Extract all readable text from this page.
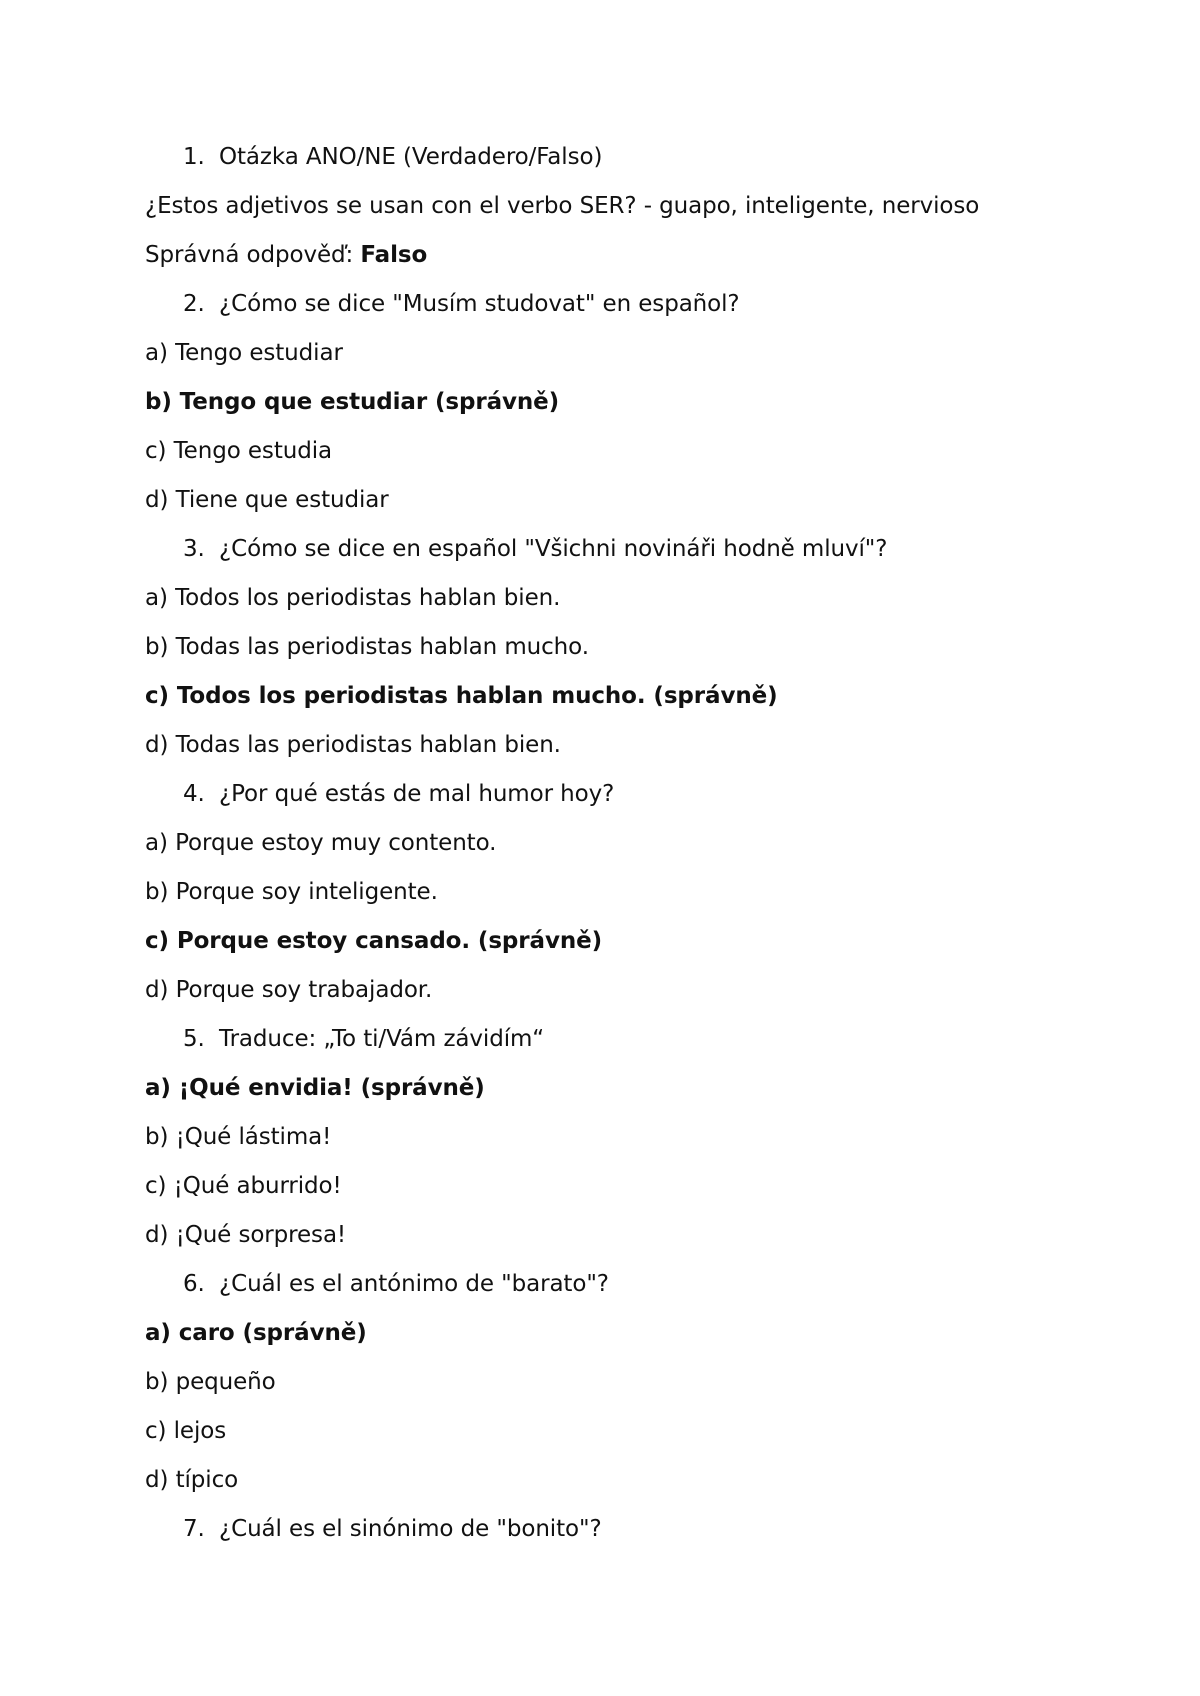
1. Otázka ANO/NE (Verdadero/Falso)
¿Estos adjetivos se usan con el verbo SER? - guapo, inteligente, nervioso
Správná odpověď: Falso
2. ¿Cómo se dice "Musím studovat" en español?
a) Tengo estudiar
b) Tengo que estudiar (správně)
c) Tengo estudia
d) Tiene que estudiar
3. ¿Cómo se dice en español "Všichni novináři hodně mluví"?
a) Todos los periodistas hablan bien.
b) Todas las periodistas hablan mucho.
c) Todos los periodistas hablan mucho. (správně)
d) Todas las periodistas hablan bien.
4. ¿Por qué estás de mal humor hoy?
a) Porque estoy muy contento.
b) Porque soy inteligente.
c) Porque estoy cansado. (správně)
d) Porque soy trabajador.
5. Traduce: „To ti/Vám závidím“
a) ¡Qué envidia! (správně)
b) ¡Qué lástima!
c) ¡Qué aburrido!
d) ¡Qué sorpresa!
6. ¿Cuál es el antónimo de "barato"?
a) caro (správně)
b) pequeño
c) lejos
d) típico
7. ¿Cuál es el sinónimo de "bonito"?
